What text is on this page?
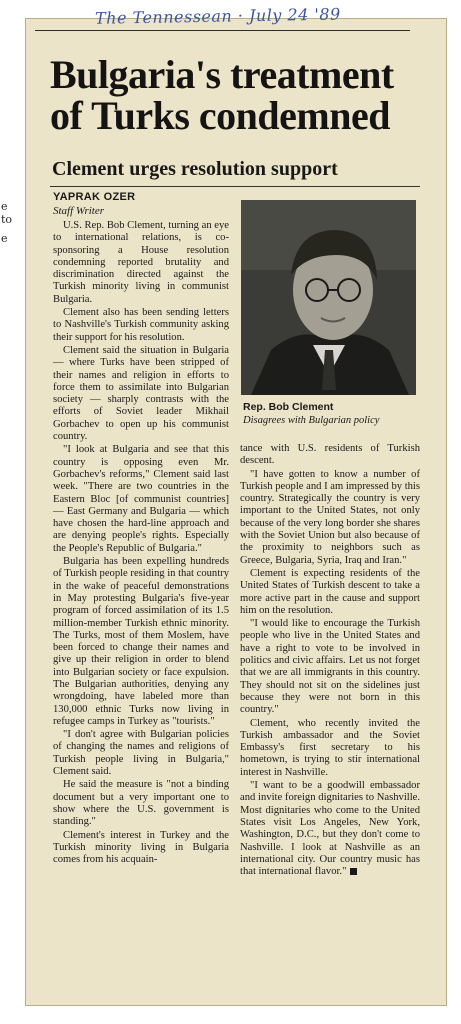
The Tennessean · July 24 '89
e
to
e
Bulgaria's treatment of Turks condemned
Clement urges resolution support
YAPRAK OZER
Staff Writer

U.S. Rep. Bob Clement, turning an eye to international relations, is co-sponsoring a House resolution condemning reported brutality and discrimination directed against the Turkish minority living in communist Bulgaria.

Clement also has been sending letters to Nashville's Turkish community asking their support for his resolution.

Clement said the situation in Bulgaria — where Turks have been stripped of their names and religion in efforts to force them to assimilate into Bulgarian society — sharply contrasts with the efforts of Soviet leader Mikhail Gorbachev to open up his communist country.

"I look at Bulgaria and see that this country is opposing even Mr. Gorbachev's reforms," Clement said last week. "There are two countries in the Eastern Bloc [of communist countries] — East Germany and Bulgaria — which have chosen the hard-line approach and are denying people's rights. Especially the People's Republic of Bulgaria."

Bulgaria has been expelling hundreds of Turkish people residing in that country in the wake of peaceful demonstrations in May protesting Bulgaria's five-year program of forced assimilation of its 1.5 million-member Turkish ethnic minority. The Turks, most of them Moslem, have been forced to change their names and give up their religion in order to blend into Bulgarian society or face expulsion. The Bulgarian authorities, denying any wrongdoing, have labeled more than 130,000 ethnic Turks now living in refugee camps in Turkey as "tourists."

"I don't agree with Bulgarian policies of changing the names and religions of Turkish people living in Bulgaria," Clement said.

He said the measure is "not a binding document but a very important one to show where the U.S. government is standing."

Clement's interest in Turkey and the Turkish minority living in Bulgaria comes from his acquain-

Rep. Bob Clement
Disagrees with Bulgarian policy

tance with U.S. residents of Turkish descent.

"I have gotten to know a number of Turkish people and I am impressed by this country. Strategically the country is very important to the United States, not only because of the very long border she shares with the Soviet Union but also because of the proximity to neighbors such as Greece, Bulgaria, Syria, Iraq and Iran."

Clement is expecting residents of the United States of Turkish descent to take a more active part in the cause and support him on the resolution.

"I would like to encourage the Turkish people who live in the United States and have a right to vote to be involved in politics and civic affairs. Let us not forget that we are all immigrants in this country. They should not sit on the sidelines just because they were not born in this country."

Clement, who recently invited the Turkish ambassador and the Soviet Embassy's first secretary to his hometown, is trying to stir international interest in Nashville.

"I want to be a goodwill embassador and invite foreign dignitaries to Nashville. Most dignitaries who come to the United States visit Los Angeles, New York, Washington, D.C., but they don't come to Nashville. I look at Nashville as an international city. Our country music has that international flavor."
